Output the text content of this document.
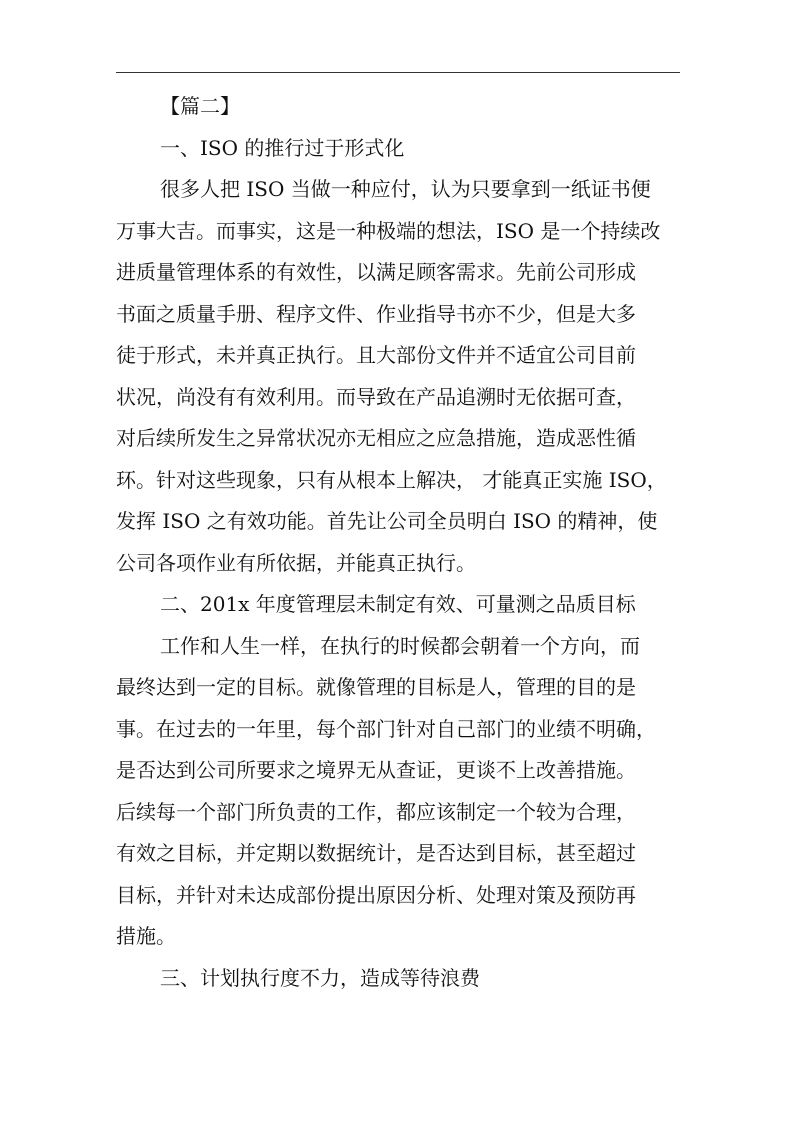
【篇二】
一、ISO 的推行过于形式化
很多人把 ISO 当做一种应付，认为只要拿到一纸证书便
万事大吉。而事实，这是一种极端的想法，ISO 是一个持续改
进质量管理体系的有效性，以满足顾客需求。先前公司形成
书面之质量手册、程序文件、作业指导书亦不少，但是大多
徒于形式，未并真正执行。且大部份文件并不适宜公司目前
状况，尚没有有效利用。而导致在产品追溯时无依据可查，
对后续所发生之异常状况亦无相应之应急措施，造成恶性循
环。针对这些现象，只有从根本上解决， 才能真正实施 ISO，
发挥 ISO 之有效功能。首先让公司全员明白 ISO 的精神，使
公司各项作业有所依据，并能真正执行。
二、201x 年度管理层未制定有效、可量测之品质目标
工作和人生一样，在执行的时候都会朝着一个方向，而
最终达到一定的目标。就像管理的目标是人，管理的目的是
事。在过去的一年里，每个部门针对自己部门的业绩不明确，
是否达到公司所要求之境界无从查证，更谈不上改善措施。
后续每一个部门所负责的工作，都应该制定一个较为合理，
有效之目标，并定期以数据统计，是否达到目标，甚至超过
目标，并针对未达成部份提出原因分析、处理对策及预防再
措施。
三、计划执行度不力，造成等待浪费
